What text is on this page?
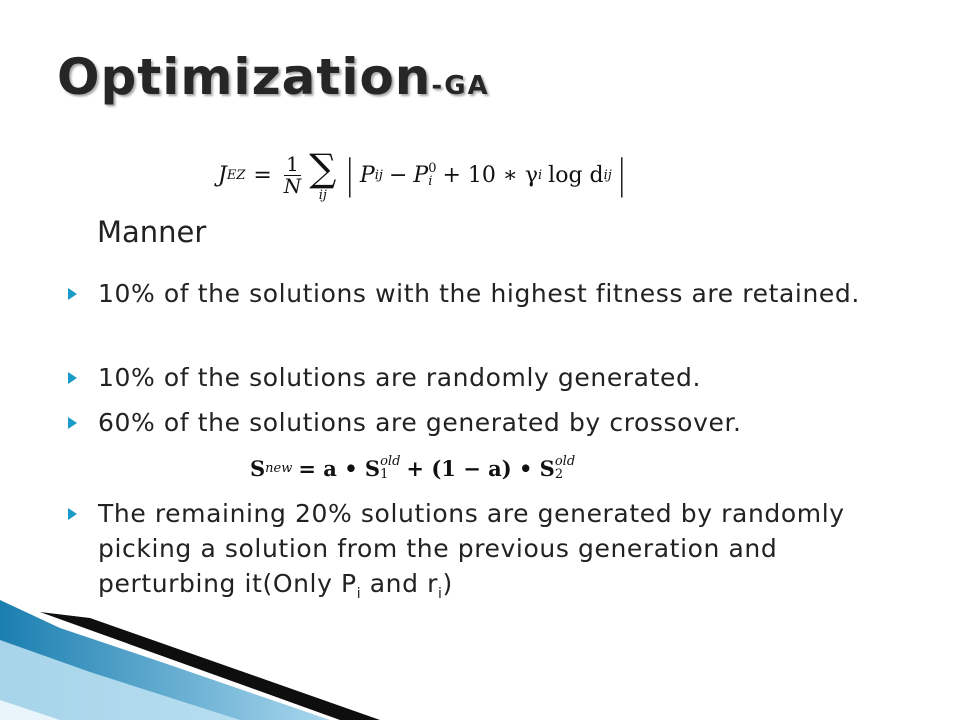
Optimization-GA
J EZ = $\frac{1}{N}$ ∑
ij | P ij − P 0
i + 10 ∗ γ i log d ij |
Manner
10% of the solutions with the highest fitness are retained.
10% of the solutions are randomly generated.
60% of the solutions are generated by crossover.
The remaining 20% solutions are generated by randomly picking a solution from the previous generation and perturbing it(Only $P_i$ and $r_i$)
S new = a • S old
1 + (1 − a) • S old
2
